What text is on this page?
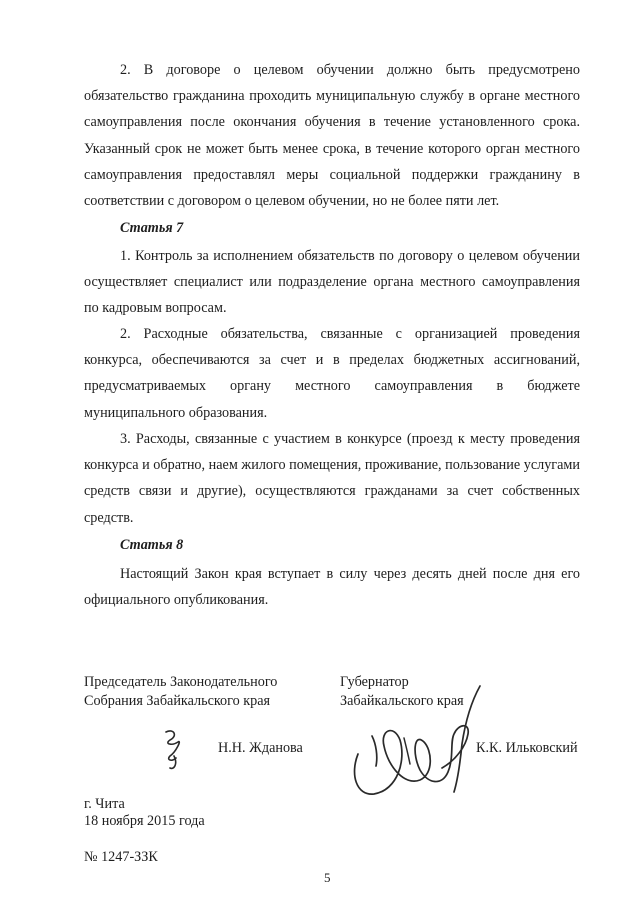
2. В договоре о целевом обучении должно быть предусмотрено обязательство гражданина проходить муниципальную службу в органе местного самоуправления после окончания обучения в течение установленного срока. Указанный срок не может быть менее срока, в течение которого орган местного самоуправления предоставлял меры социальной поддержки гражданину в соответствии с договором о целевом обучении, но не более пяти лет.

Статья 7

1. Контроль за исполнением обязательств по договору о целевом обучении осуществляет специалист или подразделение органа местного самоуправления по кадровым вопросам.

2. Расходные обязательства, связанные с организацией проведения конкурса, обеспечиваются за счет и в пределах бюджетных ассигнований, предусматриваемых органу местного самоуправления в бюджете муниципального образования.

3. Расходы, связанные с участием в конкурсе (проезд к месту проведения конкурса и обратно, наем жилого помещения, проживание, пользование услугами средств связи и другие), осуществляются гражданами за счет собственных средств.

Статья 8

Настоящий Закон края вступает в силу через десять дней после дня его официального опубликования.

Председатель Законодательного

Собрания Забайкальского края

Губернатор

Забайкальского края

Н.Н. Жданова	К.К. Ильковский

г. Чита

18 ноября 2015 года

№ 1247-ЗЗК

5
